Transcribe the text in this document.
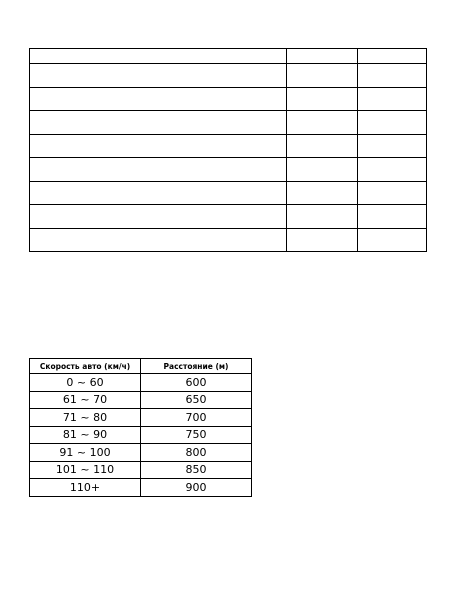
Скорость авто (км/ч)	Расстояние (м)
0 ~ 60	600
61 ~ 70	650
71 ~ 80	700
81 ~ 90	750
91 ~ 100	800
101 ~ 110	850
110+	900
